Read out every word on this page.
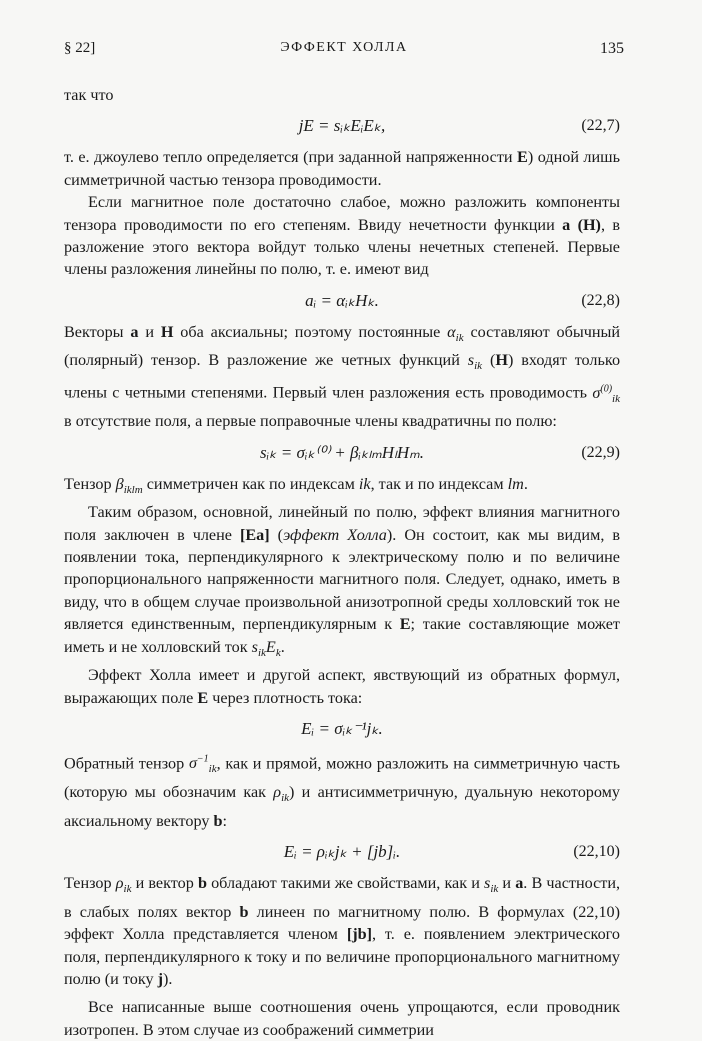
§ 22]	ЭФФЕКТ ХОЛЛА	135

так что

jE = sᵢₖEᵢEₖ,	(22,7)

т. е. джоулево тепло определяется (при заданной напряженности E) одной лишь симметричной частью тензора проводимости.

Если магнитное поле достаточно слабое, можно разложить компоненты тензора проводимости по его степеням. Ввиду нечетности функции a (H), в разложение этого вектора войдут только члены нечетных степеней. Первые члены разложения линейны по полю, т. е. имеют вид

aᵢ = αᵢₖHₖ.	(22,8)

Векторы a и H оба аксиальны; поэтому постоянные $\alpha_{ik}$ составляют обычный (полярный) тензор. В разложение же четных функций $s_{ik}$ (H) входят только члены с четными степенями. Первый член разложения есть проводимость $\sigma^{(0)}_{ik}$ в отсутствие поля, а первые поправочные члены квадратичны по полю:

sᵢₖ = σᵢₖ⁽⁰⁾ + βᵢₖₗₘHₗHₘ.	(22,9)

Тензор $\beta_{iklm}$ симметричен как по индексам ik, так и по индексам lm.

Таким образом, основной, линейный по полю, эффект влияния магнитного поля заключен в члене [Ea] (эффект Холла). Он состоит, как мы видим, в появлении тока, перпендикулярного к электрическому полю и по величине пропорционального напряженности магнитного поля. Следует, однако, иметь в виду, что в общем случае произвольной анизотропной среды холловский ток не является единственным, перпендикулярным к E; такие составляющие может иметь и не холловский ток $s_{ik}E_k$.

Эффект Холла имеет и другой аспект, явствующий из обратных формул, выражающих поле E через плотность тока:

Eᵢ = σᵢₖ⁻¹jₖ.

Обратный тензор $\sigma^{-1}_{ik}$, как и прямой, можно разложить на симметричную часть (которую мы обозначим как $\rho_{ik}$) и антисимметричную, дуальную некоторому аксиальному вектору b:

Eᵢ = ρᵢₖjₖ + [jb]ᵢ.	(22,10)

Тензор $\rho_{ik}$ и вектор b обладают такими же свойствами, как и $s_{ik}$ и a. В частности, в слабых полях вектор b линеен по магнитному полю. В формулах (22,10) эффект Холла представляется членом [jb], т. е. появлением электрического поля, перпендикулярного к току и по величине пропорционального магнитному полю (и току j).

Все написанные выше соотношения очень упрощаются, если проводник изотропен. В этом случае из соображений симметрии
